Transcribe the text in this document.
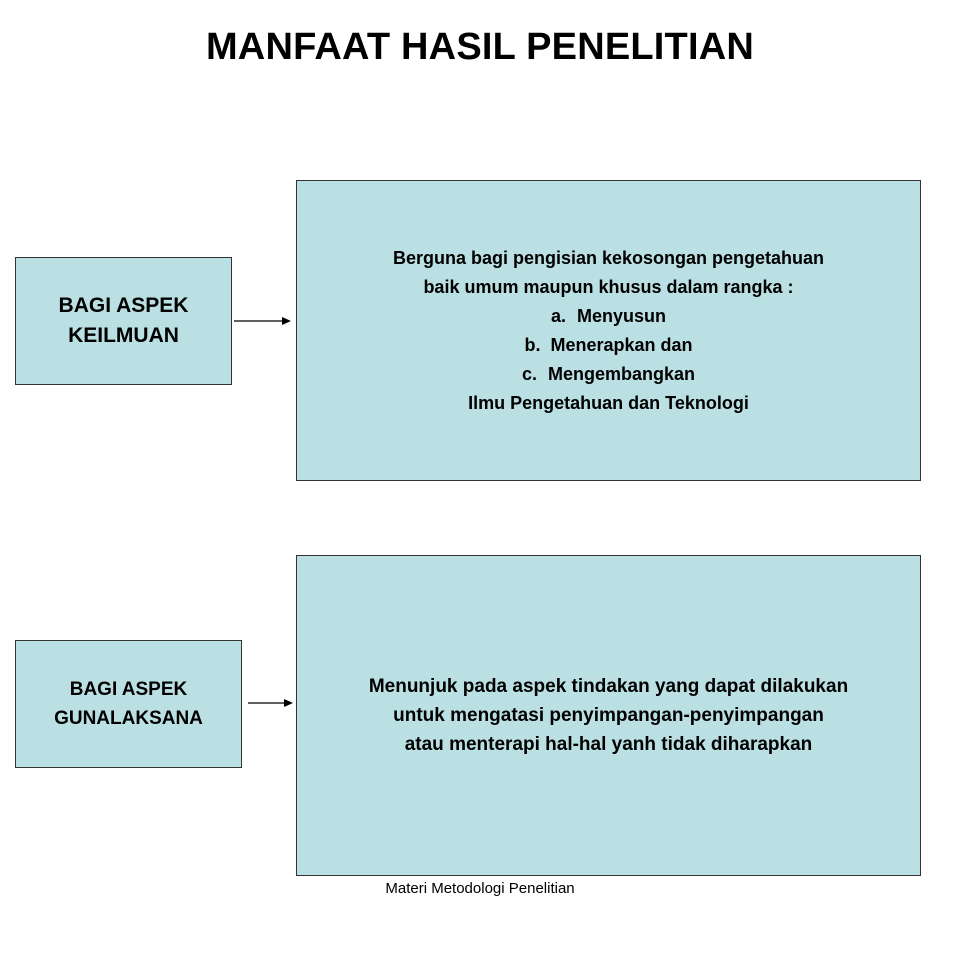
MANFAAT HASIL PENELITIAN
BAGI ASPEK
KEILMUAN
Berguna bagi pengisian kekosongan pengetahuan
baik umum maupun khusus dalam rangka :
a. Menyusun
b. Menerapkan dan
c. Mengembangkan
Ilmu Pengetahuan dan Teknologi
BAGI ASPEK
GUNALAKSANA
Menunjuk pada aspek tindakan yang dapat dilakukan
untuk mengatasi penyimpangan-penyimpangan
atau menterapi hal-hal yanh tidak diharapkan
Materi Metodologi Penelitian
